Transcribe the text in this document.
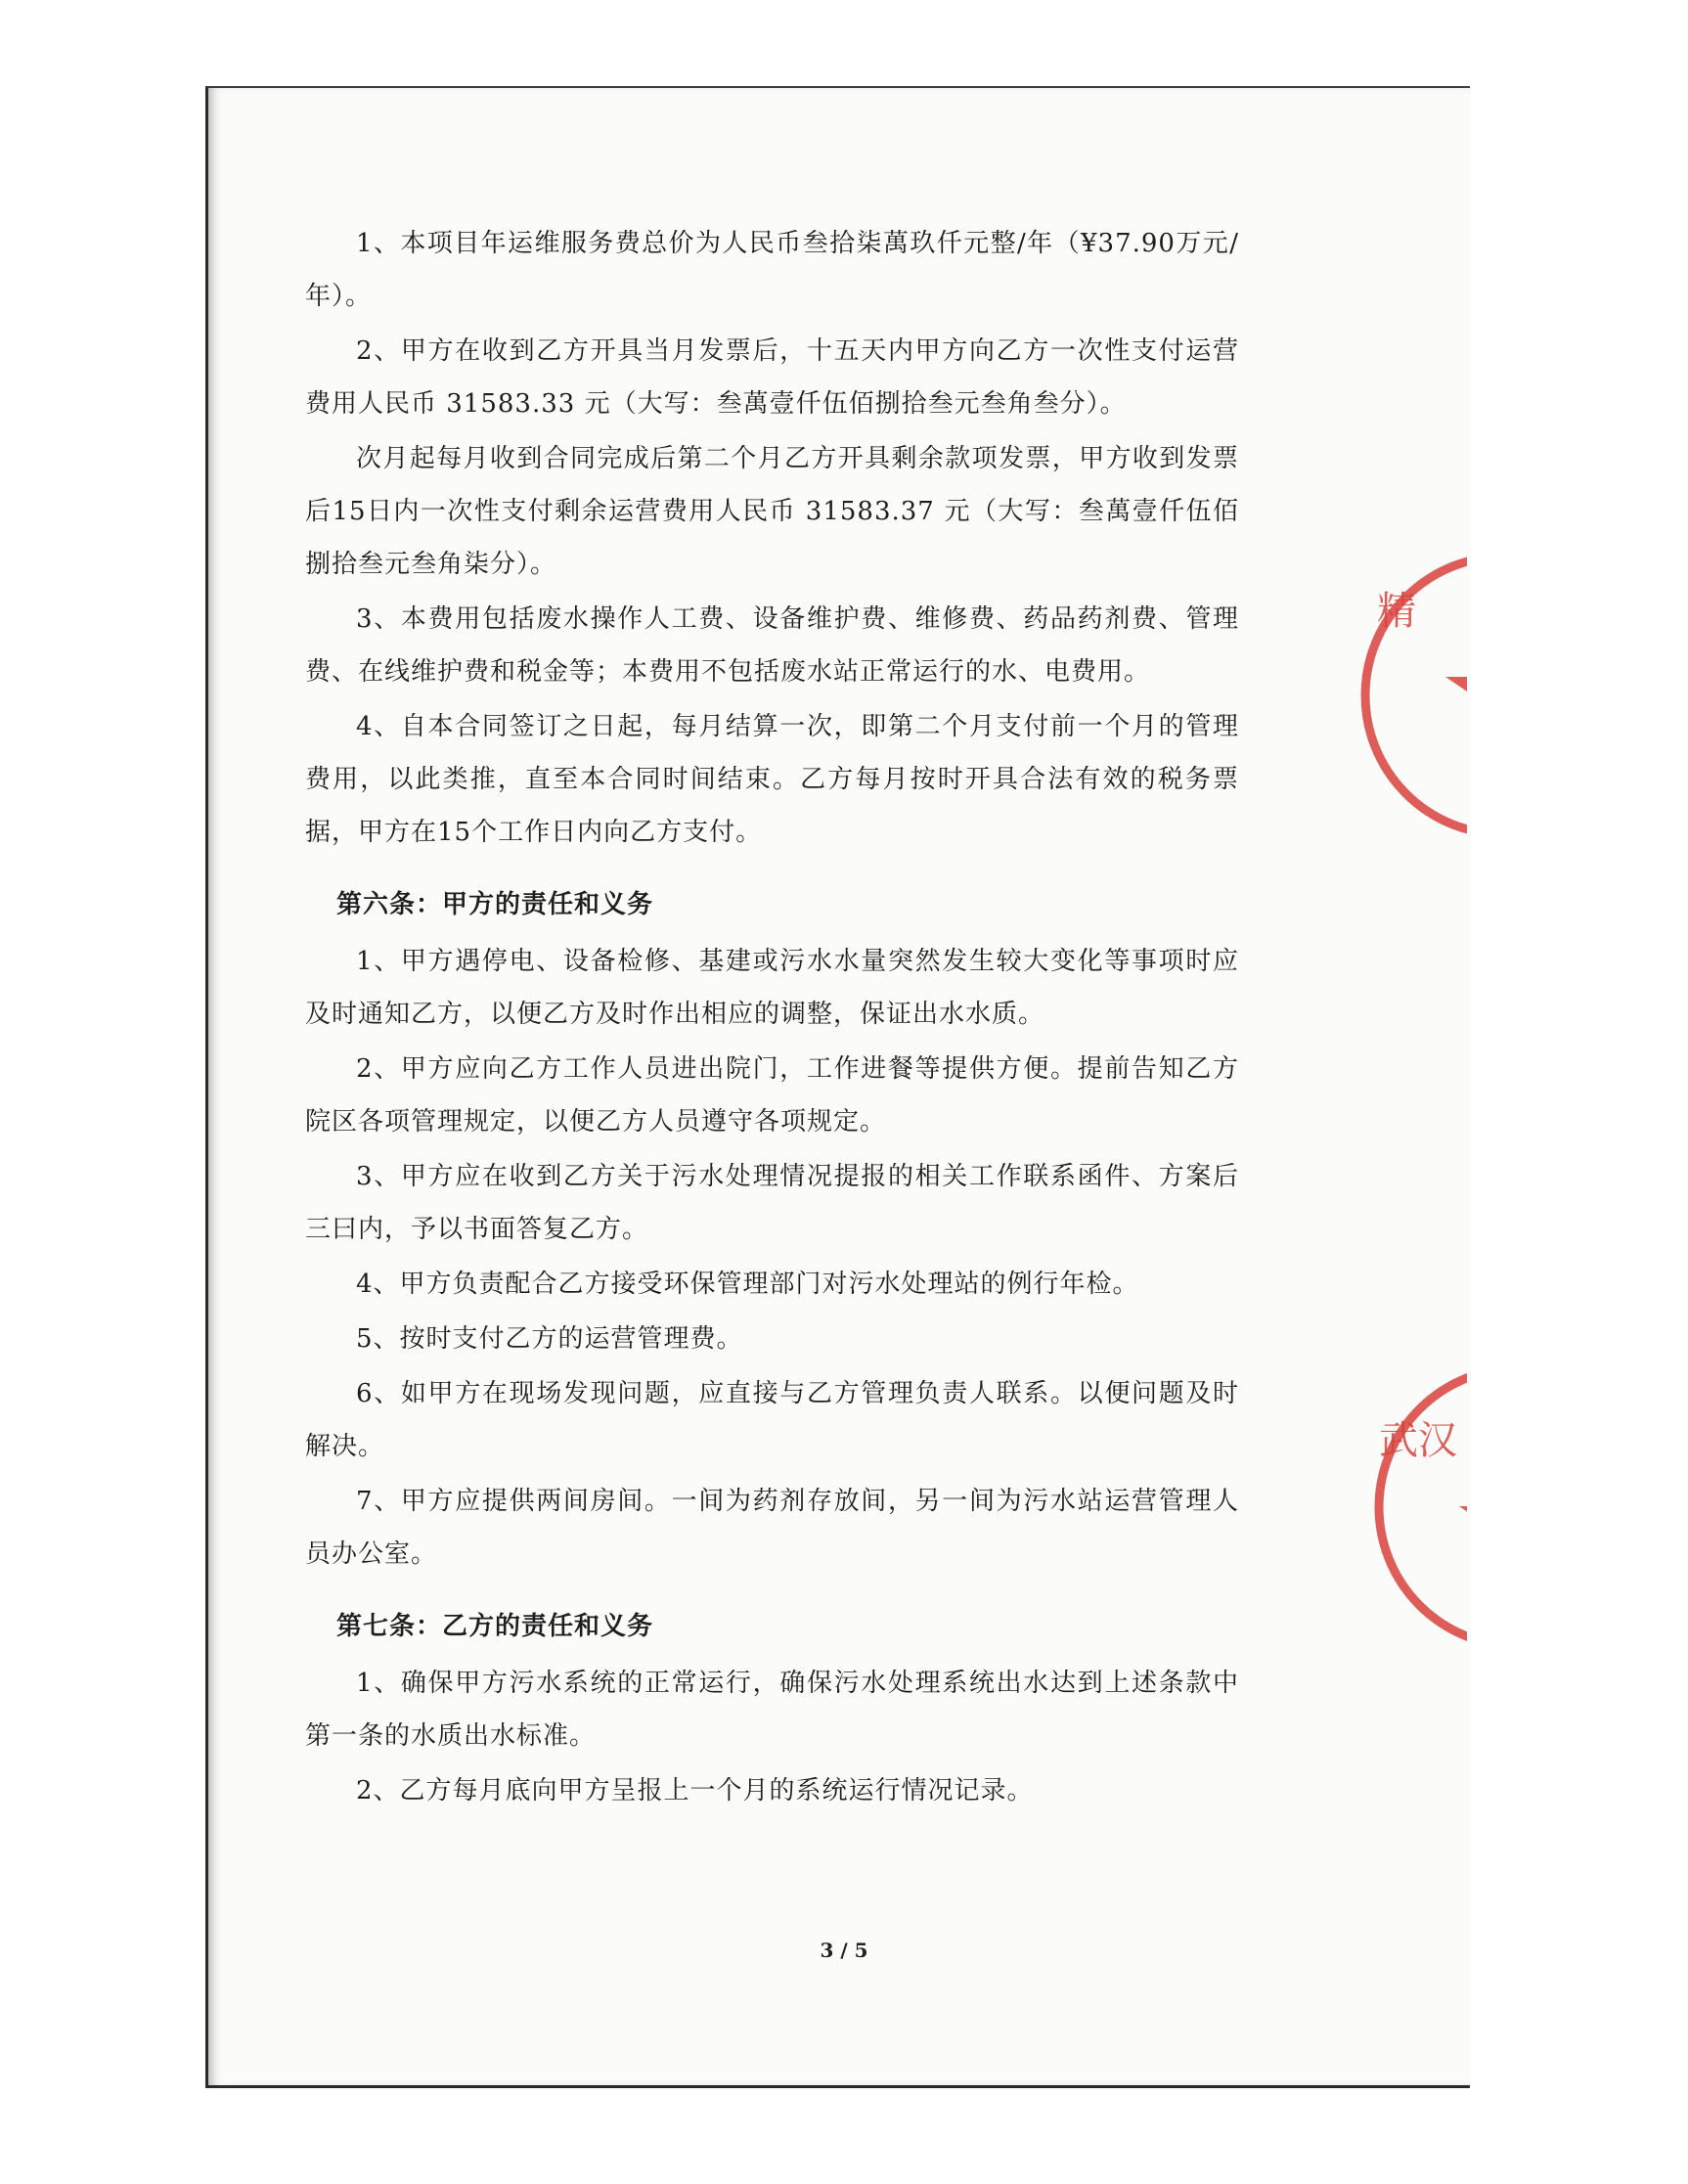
1、本项目年运维服务费总价为人民币叁拾柒萬玖仟元整/年（¥37.90万元/年）。

2、甲方在收到乙方开具当月发票后，十五天内甲方向乙方一次性支付运营费用人民币 31583.33 元（大写：叁萬壹仟伍佰捌拾叁元叁角叁分）。

次月起每月收到合同完成后第二个月乙方开具剩余款项发票，甲方收到发票后15日内一次性支付剩余运营费用人民币 31583.37 元（大写：叁萬壹仟伍佰捌拾叁元叁角柒分）。

3、本费用包括废水操作人工费、设备维护费、维修费、药品药剂费、管理费、在线维护费和税金等；本费用不包括废水站正常运行的水、电费用。

4、自本合同签订之日起，每月结算一次，即第二个月支付前一个月的管理费用，以此类推，直至本合同时间结束。乙方每月按时开具合法有效的税务票据，甲方在15个工作日内向乙方支付。

第六条：甲方的责任和义务

1、甲方遇停电、设备检修、基建或污水水量突然发生较大变化等事项时应及时通知乙方，以便乙方及时作出相应的调整，保证出水水质。

2、甲方应向乙方工作人员进出院门，工作进餐等提供方便。提前告知乙方院区各项管理规定，以便乙方人员遵守各项规定。

3、甲方应在收到乙方关于污水处理情况提报的相关工作联系函件、方案后三曰内，予以书面答复乙方。

4、甲方负责配合乙方接受环保管理部门对污水处理站的例行年检。

5、按时支付乙方的运营管理费。

6、如甲方在现场发现问题，应直接与乙方管理负责人联系。以便问题及时 解决。

7、甲方应提供两间房间。一间为药剂存放间，另一间为污水站运营管理人员办公室。

第七条：乙方的责任和义务

1、确保甲方污水系统的正常运行，确保污水处理系统出水达到上述条款中第一条的水质出水标准。

2、乙方每月底向甲方呈报上一个月的系统运行情况记录。

3 / 5
精
武汉
